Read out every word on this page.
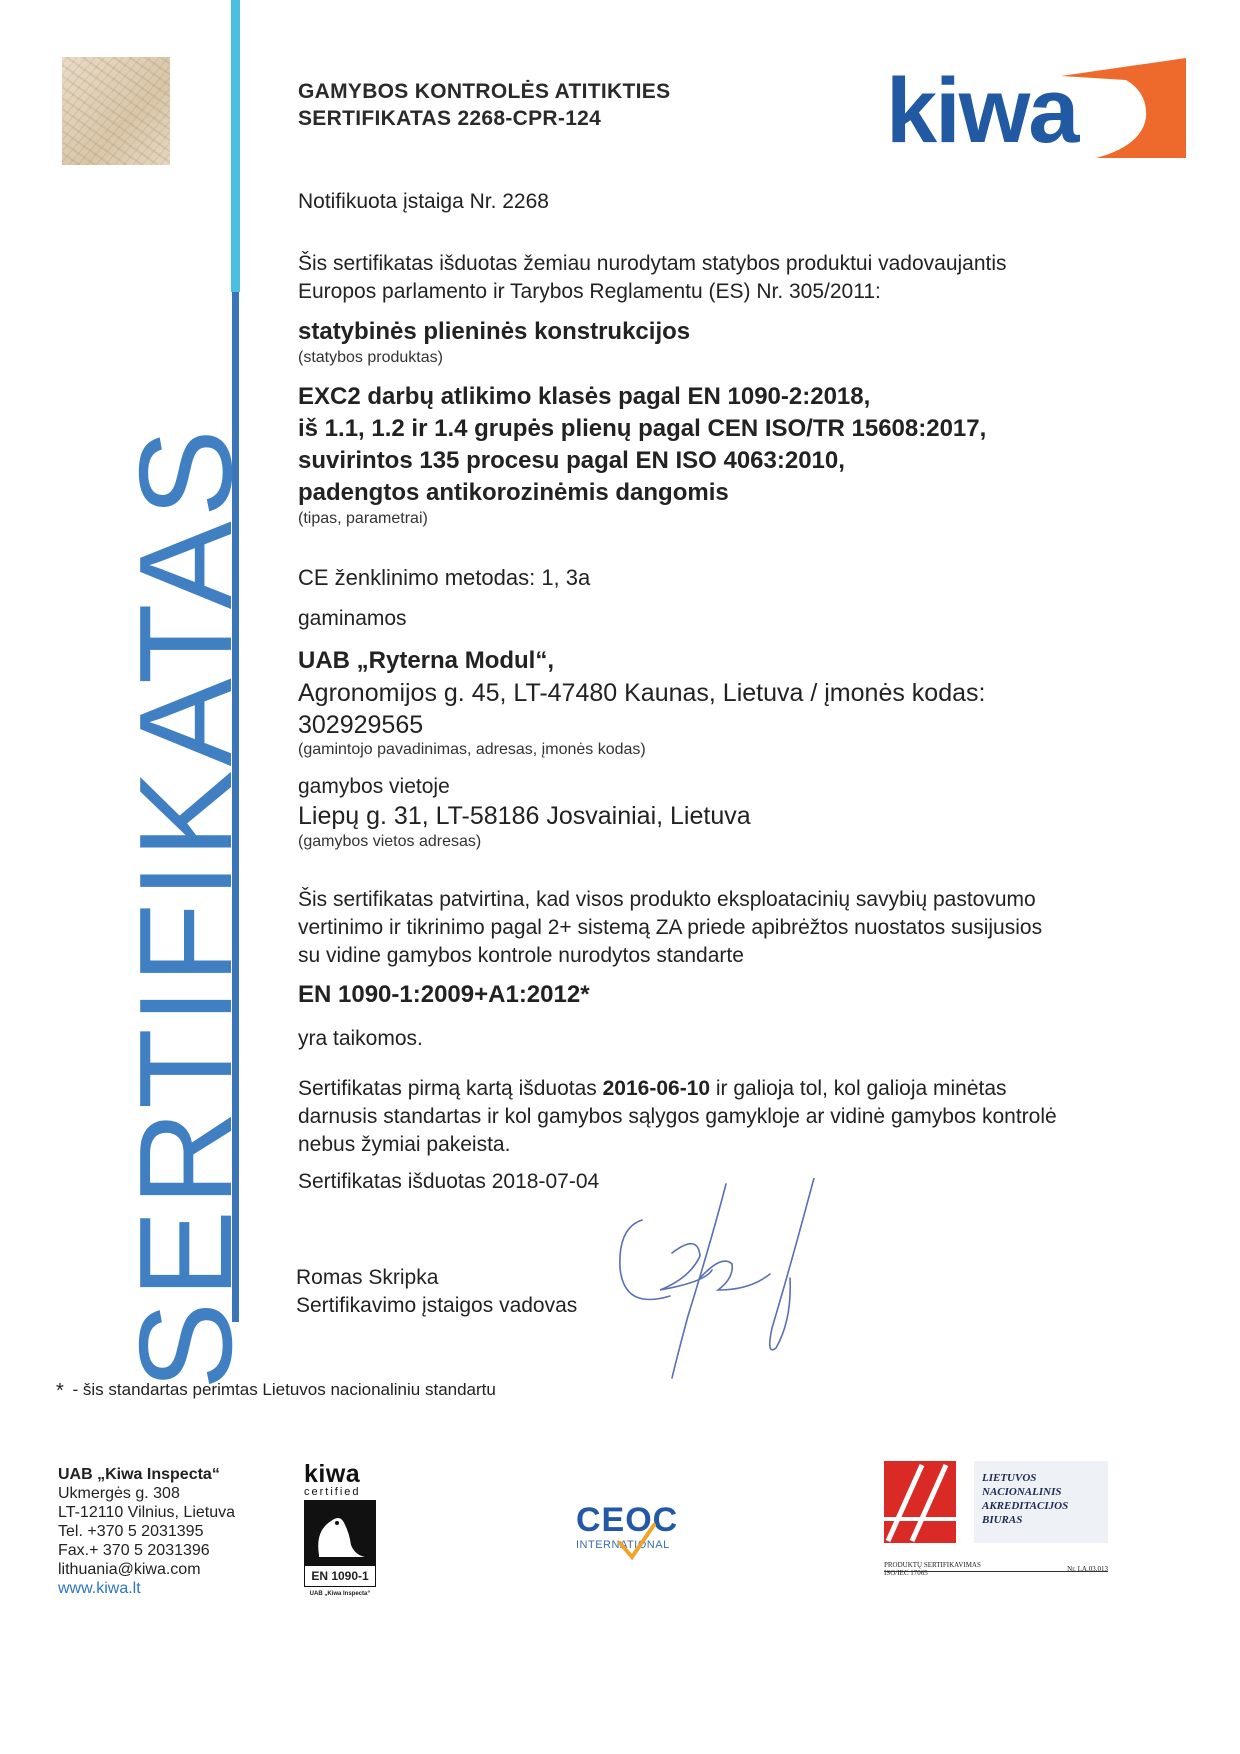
SERTIFIKATAS
GAMYBOS KONTROLĖS ATITIKTIES
SERTIFIKATAS 2268-CPR-124	kiwa
Notifikuota įstaiga Nr. 2268
Šis sertifikatas išduotas žemiau nurodytam statybos produktui vadovaujantis
Europos parlamento ir Tarybos Reglamentu (ES) Nr. 305/2011:
statybinės plieninės konstrukcijos
(statybos produktas)
EXC2 darbų atlikimo klasės pagal EN 1090-2:2018,
iš 1.1, 1.2 ir 1.4 grupės plienų pagal CEN ISO/TR 15608:2017,
suvirintos 135 procesu pagal EN ISO 4063:2010,
padengtos antikorozinėmis dangomis
(tipas, parametrai)
CE ženklinimo metodas: 1, 3a
gaminamos
UAB „Ryterna Modul“,
Agronomijos g. 45, LT-47480 Kaunas, Lietuva / įmonės kodas:
302929565
(gamintojo pavadinimas, adresas, įmonės kodas)
gamybos vietoje
Liepų g. 31, LT-58186 Josvainiai, Lietuva
(gamybos vietos adresas)
Šis sertifikatas patvirtina, kad visos produkto eksploatacinių savybių pastovumo
vertinimo ir tikrinimo pagal 2+ sistemą ZA priede apibrėžtos nuostatos susijusios
su vidine gamybos kontrole nurodytos standarte
EN 1090-1:2009+A1:2012*
yra taikomos.
Sertifikatas pirmą kartą išduotas 2016-06-10 ir galioja tol, kol galioja minėtas
darnusis standartas ir kol gamybos sąlygos gamykloje ar vidinė gamybos kontrolė
nebus žymiai pakeista.
Sertifikatas išduotas 2018-07-04
Romas Skripka
Sertifikavimo įstaigos vadovas
* - šis standartas perimtas Lietuvos nacionaliniu standartu
UAB „Kiwa Inspecta“
Ukmergės g. 308
LT-12110 Vilnius, Lietuva
Tel. +370 5 2031395
Fax.+ 370 5 2031396
lithuania@kiwa.com
www.kiwa.lt
kiwa
certified
EN 1090-1
UAB „Kiwa Inspecta“
CEOC
INTERNATIONAL
LIETUVOS
NACIONALINIS
AKREDITACIJOS
BIURAS
PRODUKTŲ SERTIFIKAVIMAS
ISO/IEC 17065	Nr. LA.03.013
